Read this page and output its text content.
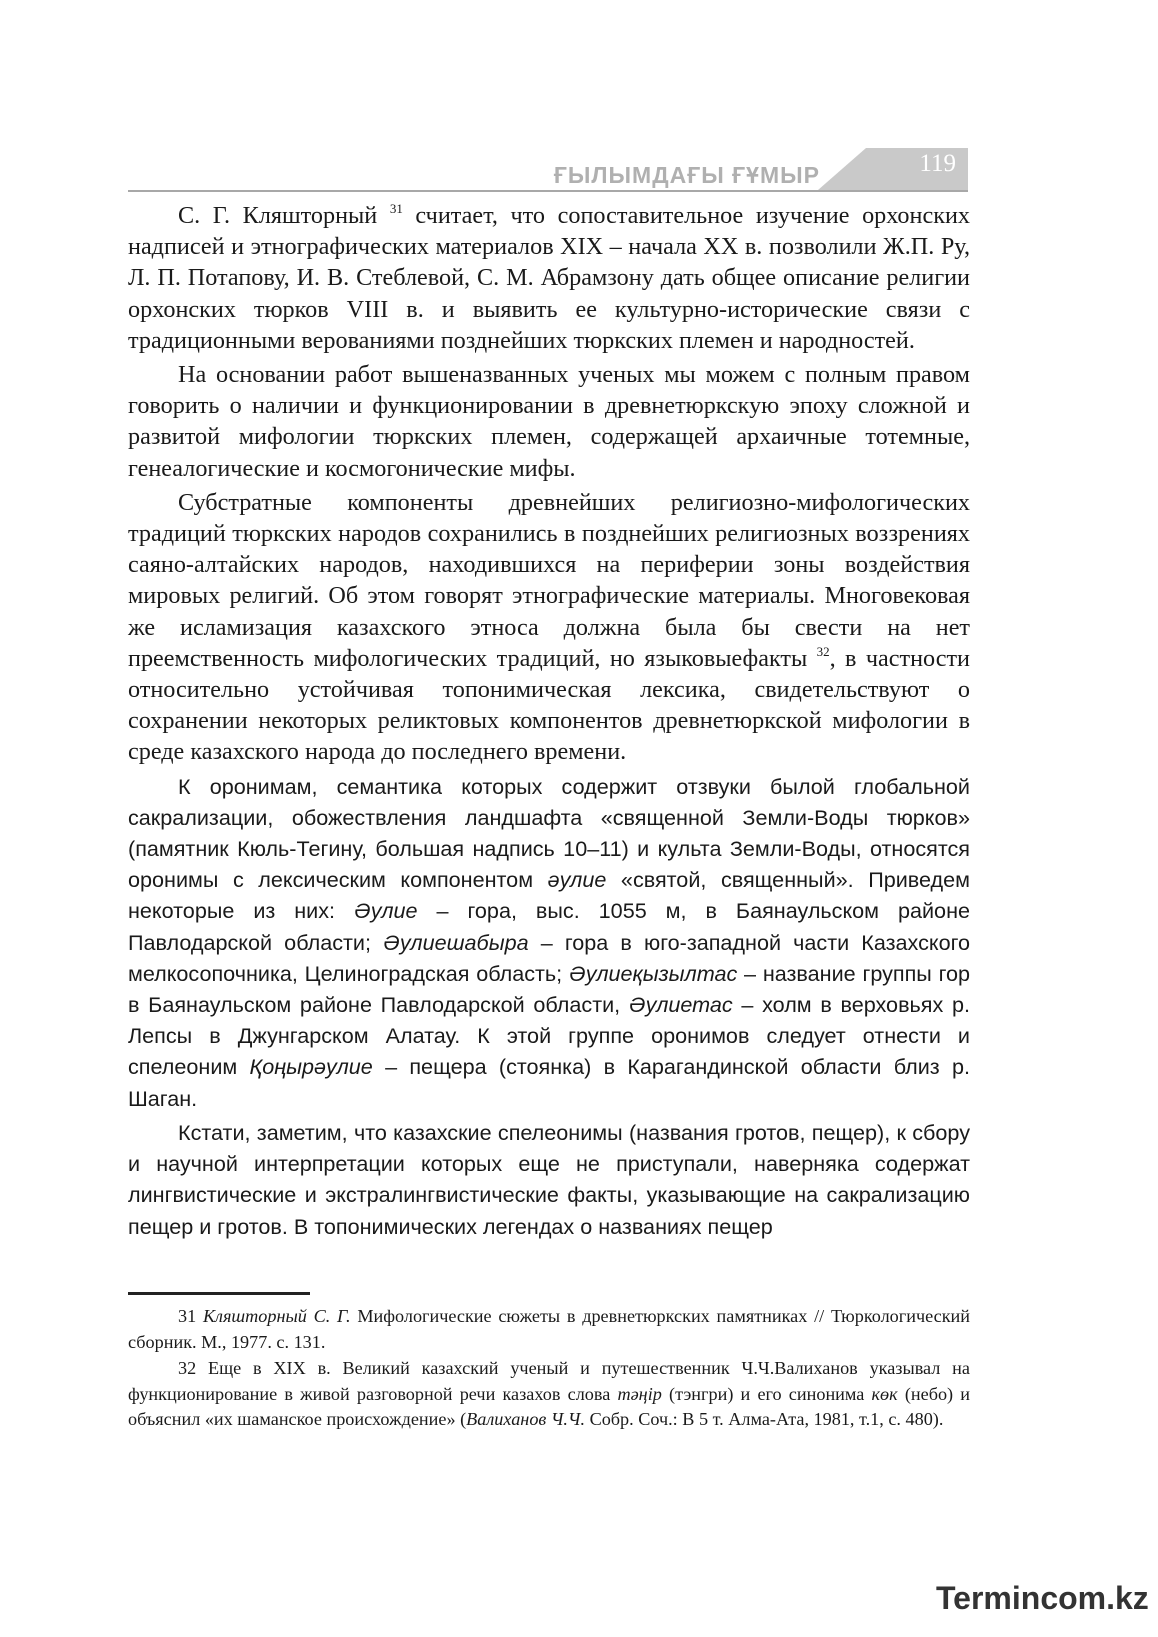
ҒЫЛЫМДАҒЫ ҒҰМЫР	119

С. Г. Кляшторный $^{31}$ считает, что сопоставительное изучение орхонских надписей и этнографических материалов XIX – начала XX в. позволили Ж.П. Ру, Л. П. Потапову, И. В. Стеблевой, С. М. Абрамзону дать общее описание религии орхонских тюрков VIII в. и выявить ее культурно-исторические связи с традиционными верованиями позднейших тюркских племен и народностей.

На основании работ вышеназванных ученых мы можем с полным правом говорить о наличии и функционировании в древнетюркскую эпоху сложной и развитой мифологии тюркских племен, содержащей архаичные тотемные, генеалогические и космогонические мифы.

Субстратные компоненты древнейших религиозно-мифологических традиций тюркских народов сохранились в позднейших религиозных воззрениях саяно-алтайских народов, находившихся на периферии зоны воздействия мировых религий. Об этом говорят этнографические материалы. Многовековая же исламизация казахского этноса должна была бы свести на нет преемственность мифологических традиций, но языковыефакты $^{32}$, в частности относительно устойчивая топонимическая лексика, свидетельствуют о сохранении некоторых реликтовых компонентов древнетюркской мифологии в среде казахского народа до последнего времени.

К оронимам, семантика которых содержит отзвуки былой глобальной сакрализации, обожествления ландшафта «священной Земли-Воды тюрков» (памятник Кюль-Тегину, большая надпись 10–11) и культа Земли-Воды, относятся оронимы с лексическим компонентом әулие «святой, священный». Приведем некоторые из них: Әулие – гора, выс. 1055 м, в Баянаульском районе Павлодарской области; Әулиешабыра – гора в юго-западной части Казахского мелкосопочника, Целиноградская область; Әулиеқызылтас – название группы гор в Баянаульском районе Павлодарской области, Әулиетас – холм в верховьях р. Лепсы в Джунгарском Алатау. К этой группе оронимов следует отнести и спелеоним Қоңырәулие – пещера (стоянка) в Карагандинской области близ р. Шаган.

Кстати, заметим, что казахские спелеонимы (названия гротов, пещер), к сбору и научной интерпретации которых еще не приступали, наверняка содержат лингвистические и экстралингвистические факты, указывающие на сакрализацию пещер и гротов. В топонимических легендах о названиях пещер

31 Кляшторный С. Г. Мифологические сюжеты в древнетюркских памятниках // Тюркологический сборник. М., 1977. с. 131.

32 Еще в XIX в. Великий казахский ученый и путешественник Ч.Ч.Валиханов указывал на функционирование в живой разговорной речи казахов слова тәңір (тэнгри) и его синонима көк (небо) и объяснил «их шаманское происхождение» (Валиханов Ч.Ч. Собр. Соч.: В 5 т. Алма-Ата, 1981, т.1, с. 480).

Termincom.kz
